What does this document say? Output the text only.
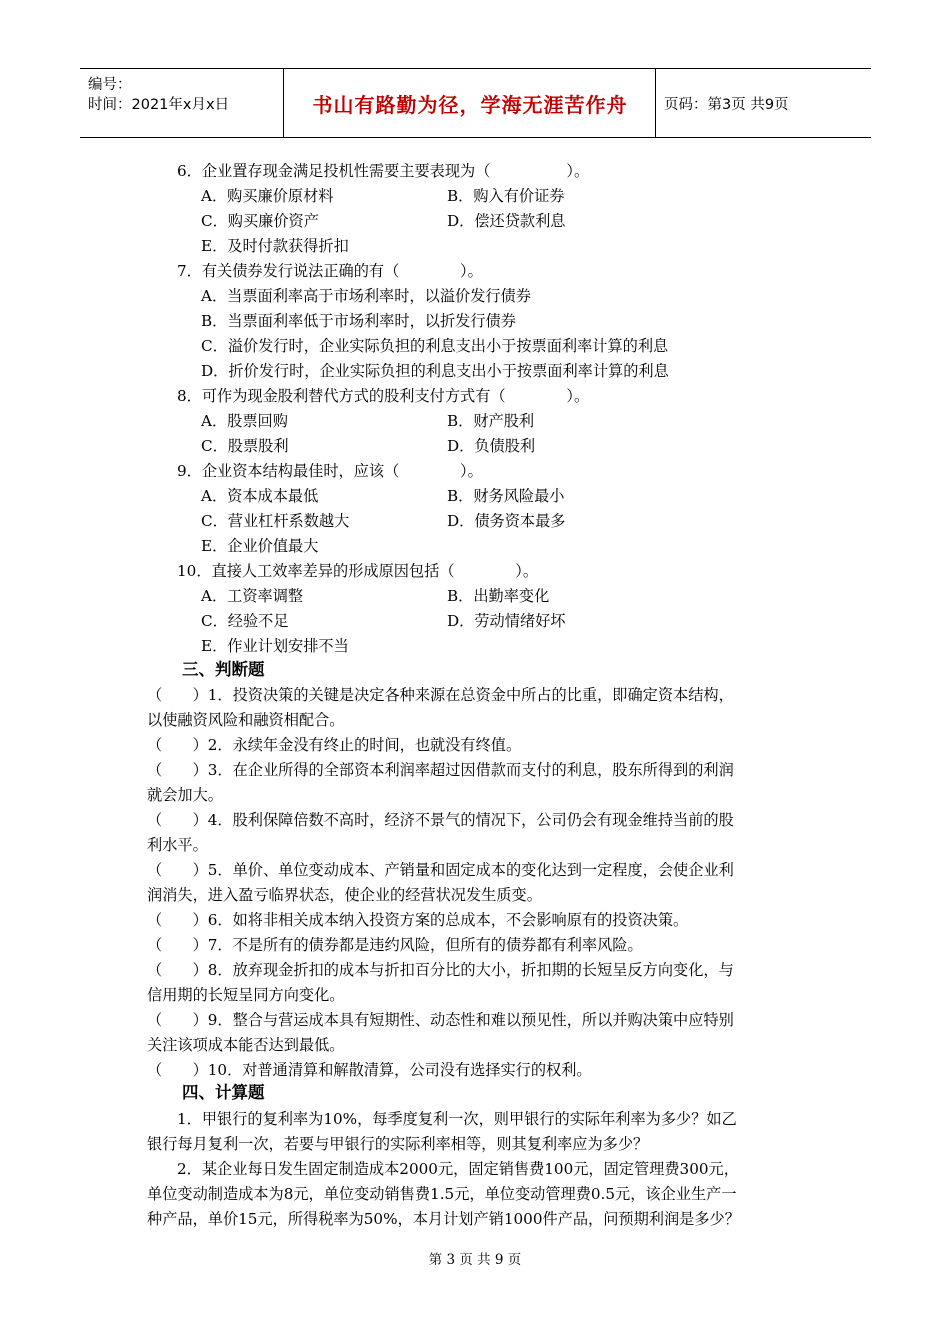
编号：
时间：2021年x月x日	书山有路勤为径，学海无涯苦作舟	页码：第3页 共9页
6．企业置存现金满足投机性需要主要表现为（　　　　　）。
A．购买廉价原材料	B．购入有价证券
C．购买廉价资产	D．偿还贷款利息
E．及时付款获得折扣
7．有关债券发行说法正确的有（　　　　）。
A．当票面利率高于市场利率时，以溢价发行债券
B．当票面利率低于市场利率时，以折发行债券
C．溢价发行时，企业实际负担的利息支出小于按票面利率计算的利息
D．折价发行时，企业实际负担的利息支出小于按票面利率计算的利息
8．可作为现金股利替代方式的股利支付方式有（　　　　）。
A．股票回购	B．财产股利
C．股票股利	D．负债股利
9．企业资本结构最佳时，应该（　　　　）。
A．资本成本最低	B．财务风险最小
C．营业杠杆系数越大	D．债务资本最多
E．企业价值最大
10．直接人工效率差异的形成原因包括（　　　　）。
A．工资率调整	B．出勤率变化
C．经验不足	D．劳动情绪好坏
E．作业计划安排不当
三、判断题
（　　）1．投资决策的关键是决定各种来源在总资金中所占的比重，即确定资本结构，
以使融资风险和融资相配合。
（　　）2．永续年金没有终止的时间，也就没有终值。
（　　）3．在企业所得的全部资本利润率超过因借款而支付的利息，股东所得到的利润
就会加大。
（　　）4．股利保障倍数不高时，经济不景气的情况下，公司仍会有现金维持当前的股
利水平。
（　　）5．单价、单位变动成本、产销量和固定成本的变化达到一定程度，会使企业利
润消失，进入盈亏临界状态，使企业的经营状况发生质变。
（　　）6．如将非相关成本纳入投资方案的总成本，不会影响原有的投资决策。
（　　）7．不是所有的债券都是违约风险，但所有的债券都有利率风险。
（　　）8．放弃现金折扣的成本与折扣百分比的大小，折扣期的长短呈反方向变化，与
信用期的长短呈同方向变化。
（　　）9．整合与营运成本具有短期性、动态性和难以预见性，所以并购决策中应特别
关注该项成本能否达到最低。
（　　）10．对普通清算和解散清算，公司没有选择实行的权利。
四、计算题
1．甲银行的复利率为10%，每季度复利一次，则甲银行的实际年利率为多少？如乙
银行每月复利一次，若要与甲银行的实际利率相等，则其复利率应为多少？
2．某企业每日发生固定制造成本2000元，固定销售费100元，固定管理费300元，
单位变动制造成本为8元，单位变动销售费1.5元，单位变动管理费0.5元，该企业生产一
种产品，单价15元，所得税率为50%，本月计划产销1000件产品，问预期利润是多少？
第 3 页 共 9 页
